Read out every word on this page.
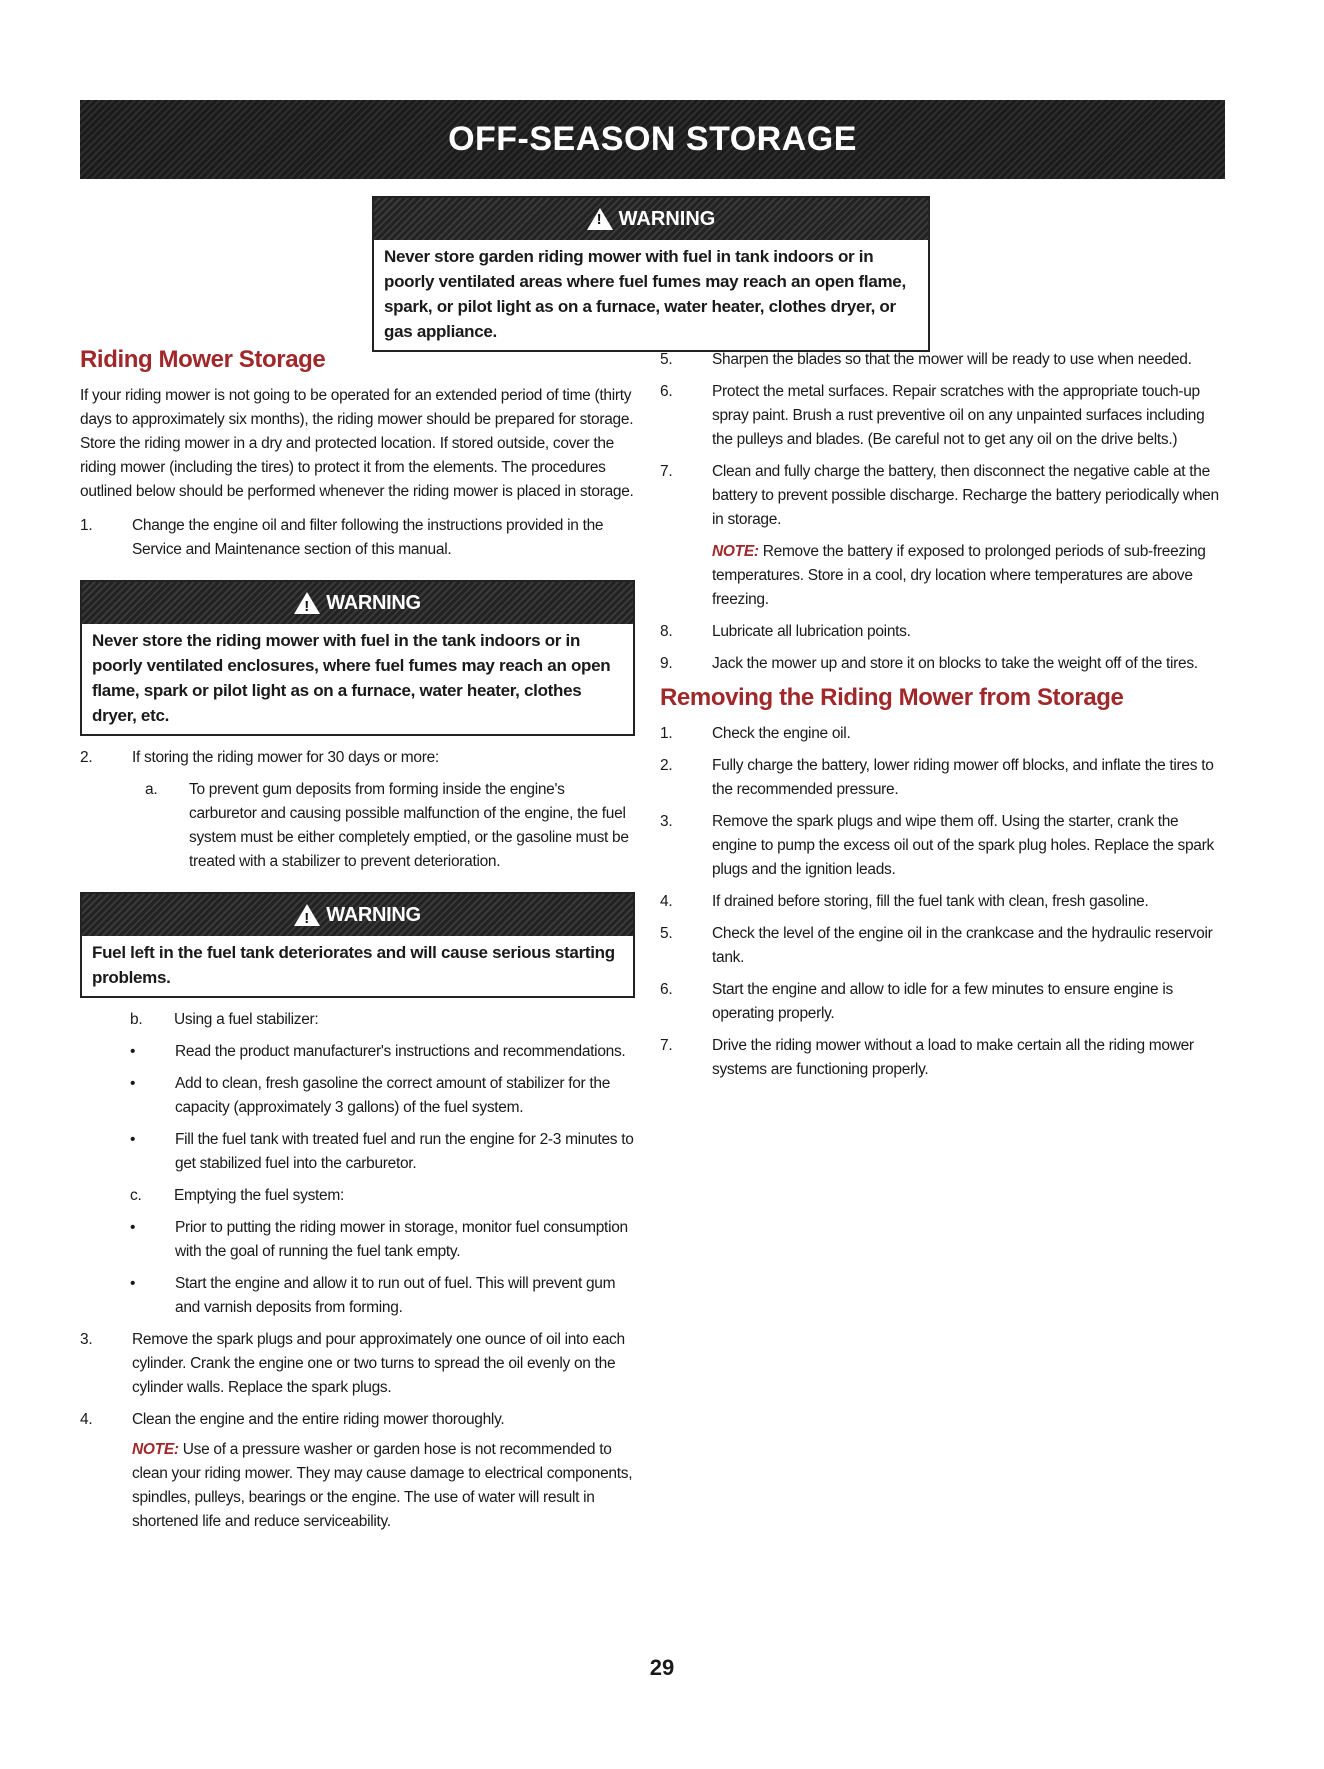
OFF-SEASON STORAGE
!
WARNING
Never store garden riding mower with fuel in tank indoors or in poorly ventilated areas where fuel fumes may reach an open flame, spark, or pilot light as on a furnace, water heater, clothes dryer, or gas appliance.
Riding Mower Storage

If your riding mower is not going to be operated for an extended period of time (thirty days to approximately six months), the riding mower should be prepared for storage. Store the riding mower in a dry and protected location. If stored outside, cover the riding mower (including the tires) to protect it from the elements. The procedures outlined below should be performed whenever the riding mower is placed in storage.

1.	Change the engine oil and filter following the instructions provided in the Service and Maintenance section of this manual.
!
WARNING
Never store the riding mower with fuel in the tank indoors or in poorly ventilated enclosures, where fuel fumes may reach an open flame, spark or pilot light as on a furnace, water heater, clothes dryer, etc.
2.	If storing the riding mower for 30 days or more:
a.	To prevent gum deposits from forming inside the engine's carburetor and causing possible malfunction of the engine, the fuel system must be either completely emptied, or the gasoline must be treated with a stabilizer to prevent deterioration.
!
WARNING
Fuel left in the fuel tank deteriorates and will cause serious starting problems.
b.	Using a fuel stabilizer:
•	Read the product manufacturer's instructions and recommendations.
•	Add to clean, fresh gasoline the correct amount of stabilizer for the capacity (approximately 3 gallons) of the fuel system.
•	Fill the fuel tank with treated fuel and run the engine for 2-3 minutes to get stabilized fuel into the carburetor.
c.	Emptying the fuel system:
•	Prior to putting the riding mower in storage, monitor fuel consumption with the goal of running the fuel tank empty.
•	Start the engine and allow it to run out of fuel. This will prevent gum and varnish deposits from forming.
3.	Remove the spark plugs and pour approximately one ounce of oil into each cylinder. Crank the engine one or two turns to spread the oil evenly on the cylinder walls. Replace the spark plugs.
4.	Clean the engine and the entire riding mower thoroughly.

NOTE: Use of a pressure washer or garden hose is not recommended to clean your riding mower. They may cause damage to electrical components, spindles, pulleys, bearings or the engine. The use of water will result in shortened life and reduce serviceability.

5.	Sharpen the blades so that the mower will be ready to use when needed.
6.	Protect the metal surfaces. Repair scratches with the appropriate touch-up spray paint. Brush a rust preventive oil on any unpainted surfaces including the pulleys and blades. (Be careful not to get any oil on the drive belts.)
7.	Clean and fully charge the battery, then disconnect the negative cable at the battery to prevent possible discharge. Recharge the battery periodically when in storage.

NOTE: Remove the battery if exposed to prolonged periods of sub-freezing temperatures. Store in a cool, dry location where temperatures are above freezing.

8.	Lubricate all lubrication points.
9.	Jack the mower up and store it on blocks to take the weight off of the tires.
Removing the Riding Mower from Storage
1.	Check the engine oil.
2.	Fully charge the battery, lower riding mower off blocks, and inflate the tires to the recommended pressure.
3.	Remove the spark plugs and wipe them off. Using the starter, crank the engine to pump the excess oil out of the spark plug holes. Replace the spark plugs and the ignition leads.
4.	If drained before storing, fill the fuel tank with clean, fresh gasoline.
5.	Check the level of the engine oil in the crankcase and the hydraulic reservoir tank.
6.	Start the engine and allow to idle for a few minutes to ensure engine is operating properly.
7.	Drive the riding mower without a load to make certain all the riding mower systems are functioning properly.
29
